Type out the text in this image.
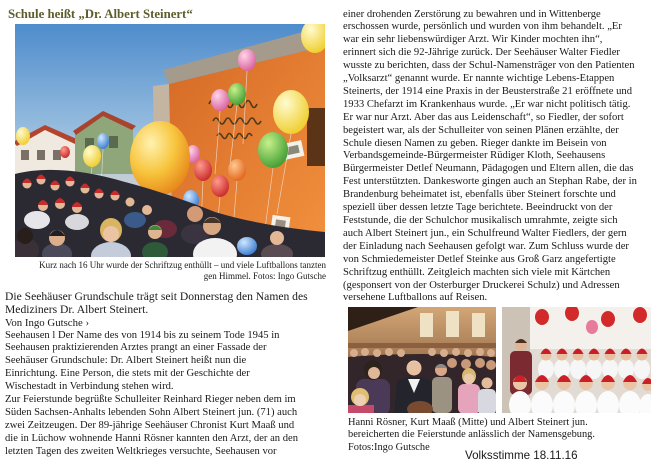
Schule heißt „Dr. Albert Steinert“
Kurz nach 16 Uhr wurde der Schriftzug enthüllt – und viele Luftballons tanzten
gen Himmel. Fotos: Ingo Gutsche
Die Seehäuser Grundschule trägt seit Donnerstag den Namen des
Mediziners Dr. Albert Steinert.
Von Ingo Gutsche ›
Seehausen l Der Name des von 1914 bis zu seinem Tode 1945 in
Seehausen praktizierenden Arztes prangt an einer Fassade der
Seehäuser Grundschule: Dr. Albert Steinert heißt nun die
Einrichtung. Eine Person, die stets mit der Geschichte der
Wischestadt in Verbindung stehen wird.
Zur Feierstunde begrüßte Schulleiter Reinhard Rieger neben dem im
Süden Sachsen-Anhalts lebenden Sohn Albert Steinert jun. (71) auch
zwei Zeitzeugen. Der 89-jährige Seehäuser Chronist Kurt Maaß und
die in Lüchow wohnende Hanni Rösner kannten den Arzt, der an den
letzten Tagen des zweiten Weltkrieges versuchte, Seehausen vor
einer drohenden Zerstörung zu bewahren und in Wittenberge
erschossen wurde, persönlich und wurden von ihm behandelt. „Er
war ein sehr liebenswürdiger Arzt. Wir Kinder mochten ihn“,
erinnert sich die 92-Jährige zurück. Der Seehäuser Walter Fiedler
wusste zu berichten, dass der Schul-Namensträger von den Patienten
„Volksarzt“ genannt wurde. Er nannte wichtige Lebens-Etappen
Steinerts, der 1914 eine Praxis in der Beusterstraße 21 eröffnete und
1933 Chefarzt im Krankenhaus wurde. „Er war nicht politisch tätig.
Er war nur Arzt. Aber das aus Leidenschaft“, so Fiedler, der sofort
begeistert war, als der Schulleiter von seinen Plänen erzählte, der
Schule diesen Namen zu geben. Rieger dankte im Beisein von
Verbandsgemeinde-Bürgermeister Rüdiger Kloth, Seehausens
Bürgermeister Detlef Neumann, Pädagogen und Eltern allen, die das
Fest unterstützten. Dankesworte gingen auch an Stephan Rabe, der in
Brandenburg beheimatet ist, ebenfalls über Steinert forschte und
speziell über dessen letzte Tage berichtete. Beeindruckt von der
Feststunde, die der Schulchor musikalisch umrahmte, zeigte sich
auch Albert Steinert jun., ein Schulfreund Walter Fiedlers, der gern
der Einladung nach Seehausen gefolgt war. Zum Schluss wurde der
von Schmiedemeister Detlef Steinke aus Groß Garz angefertigte
Schriftzug enthüllt. Zeitgleich machten sich viele mit Kärtchen
(gesponsert von der Osterburger Druckerei Schulz) und Adressen
versehene Luftballons auf Reisen.
Hanni Rösner, Kurt Maaß (Mitte) und Albert Steinert jun.
bereicherten die Feierstunde anlässlich der Namensgebung.
Fotos:Ingo Gutsche
Volksstimme 18.11.16
